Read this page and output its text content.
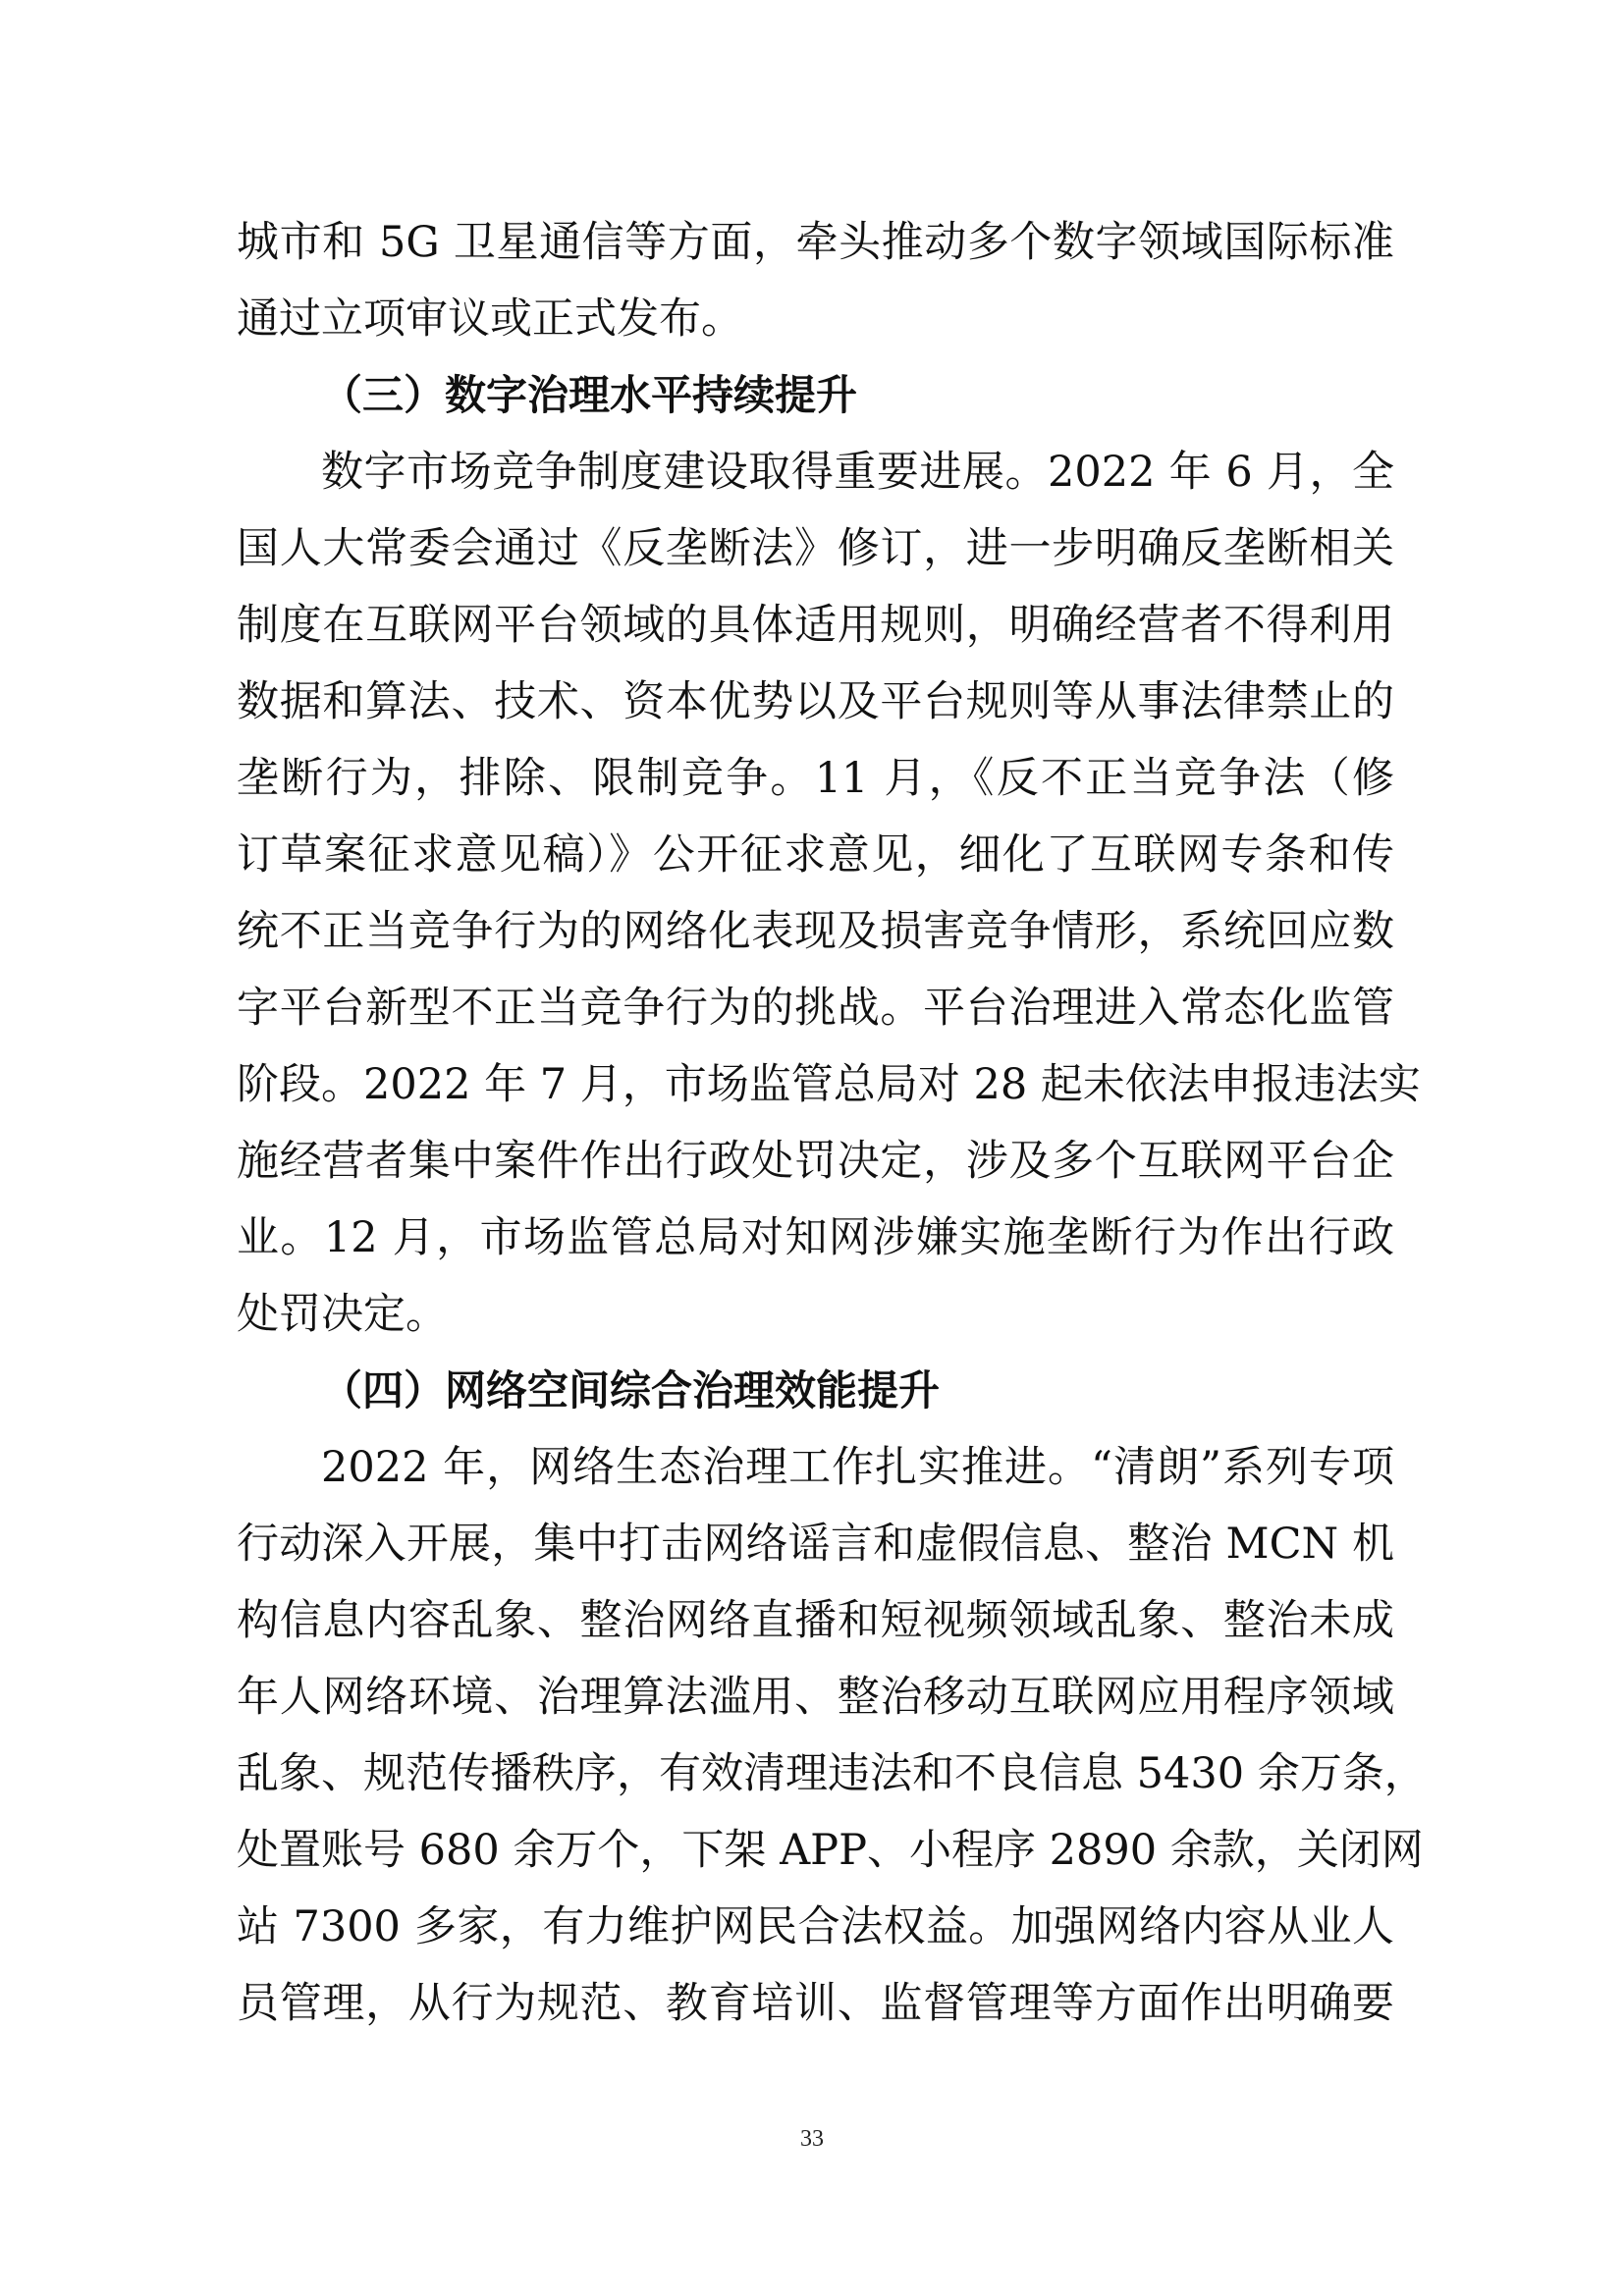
城市和 5G 卫星通信等方面，牵头推动多个数字领域国际标准
通过立项审议或正式发布。
（三）数字治理水平持续提升
数字市场竞争制度建设取得重要进展。2022 年 6 月，全
国人大常委会通过《反垄断法》修订，进一步明确反垄断相关
制度在互联网平台领域的具体适用规则，明确经营者不得利用
数据和算法、技术、资本优势以及平台规则等从事法律禁止的
垄断行为，排除、限制竞争。11 月，《反不正当竞争法（修
订草案征求意见稿）》公开征求意见，细化了互联网专条和传
统不正当竞争行为的网络化表现及损害竞争情形，系统回应数
字平台新型不正当竞争行为的挑战。平台治理进入常态化监管
阶段。2022 年 7 月，市场监管总局对 28 起未依法申报违法实
施经营者集中案件作出行政处罚决定，涉及多个互联网平台企
业。12 月，市场监管总局对知网涉嫌实施垄断行为作出行政
处罚决定。
（四）网络空间综合治理效能提升
2022 年，网络生态治理工作扎实推进。“清朗”系列专项
行动深入开展，集中打击网络谣言和虚假信息、整治 MCN 机
构信息内容乱象、整治网络直播和短视频领域乱象、整治未成
年人网络环境、治理算法滥用、整治移动互联网应用程序领域
乱象、规范传播秩序，有效清理违法和不良信息 5430 余万条，
处置账号 680 余万个，下架 APP、小程序 2890 余款，关闭网
站 7300 多家，有力维护网民合法权益。加强网络内容从业人
员管理，从行为规范、教育培训、监督管理等方面作出明确要
33
